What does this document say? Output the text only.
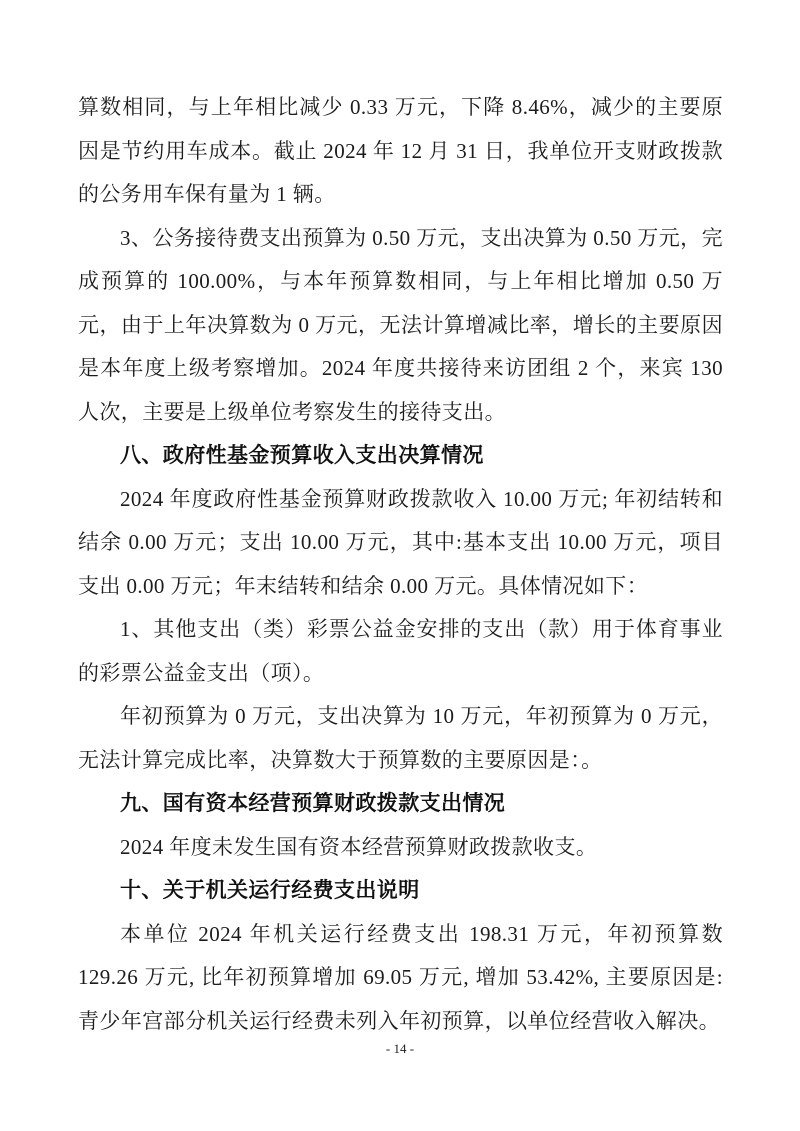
算数相同，与上年相比减少 0.33 万元，下降 8.46%，减少的主要原因是节约用车成本。截止 2024 年 12 月 31 日，我单位开支财政拨款的公务用车保有量为 1 辆。

3、公务接待费支出预算为 0.50 万元，支出决算为 0.50 万元，完成预算的 100.00%，与本年预算数相同，与上年相比增加 0.50 万元，由于上年决算数为 0 万元，无法计算增减比率，增长的主要原因是本年度上级考察增加。2024 年度共接待来访团组 2 个，来宾 130 人次，主要是上级单位考察发生的接待支出。

八、政府性基金预算收入支出决算情况

2024 年度政府性基金预算财政拨款收入 10.00 万元; 年初结转和结余 0.00 万元；支出 10.00 万元，其中:基本支出 10.00 万元，项目支出 0.00 万元；年末结转和结余 0.00 万元。具体情况如下：

1、其他支出（类）彩票公益金安排的支出（款）用于体育事业的彩票公益金支出（项）。

年初预算为 0 万元，支出决算为 10 万元，年初预算为 0 万元，无法计算完成比率，决算数大于预算数的主要原因是：。

九、国有资本经营预算财政拨款支出情况

2024 年度未发生国有资本经营预算财政拨款收支。

十、关于机关运行经费支出说明

本单位 2024 年机关运行经费支出 198.31 万元，年初预算数 129.26 万元, 比年初预算增加 69.05 万元, 增加 53.42%, 主要原因是: 青少年宫部分机关运行经费未列入年初预算，以单位经营收入解决。

- 14 -
